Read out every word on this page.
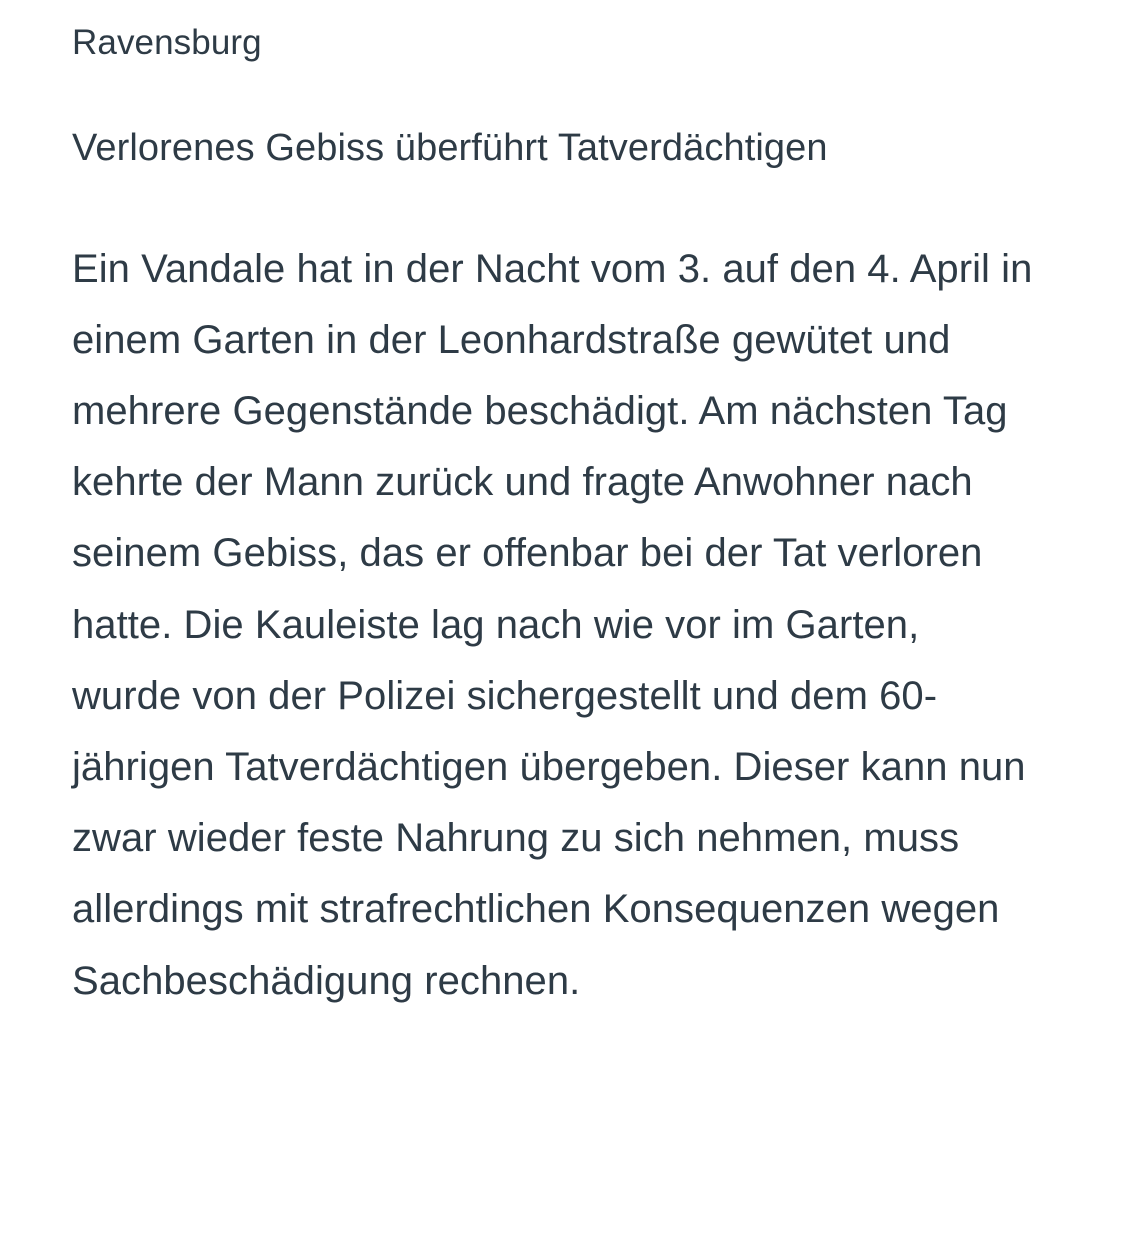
Ravensburg

Verlorenes Gebiss überführt Tatverdächtigen

Ein Vandale hat in der Nacht vom 3. auf den 4. April in einem Garten in der Leonhardstraße gewütet und mehrere Gegenstände beschädigt. Am nächsten Tag kehrte der Mann zurück und fragte Anwohner nach seinem Gebiss, das er offenbar bei der Tat verloren hatte. Die Kauleiste lag nach wie vor im Garten, wurde von der Polizei sichergestellt und dem 60-jährigen Tatverdächtigen übergeben. Dieser kann nun zwar wieder feste Nahrung zu sich nehmen, muss allerdings mit strafrechtlichen Konsequenzen wegen Sachbeschädigung rechnen.
